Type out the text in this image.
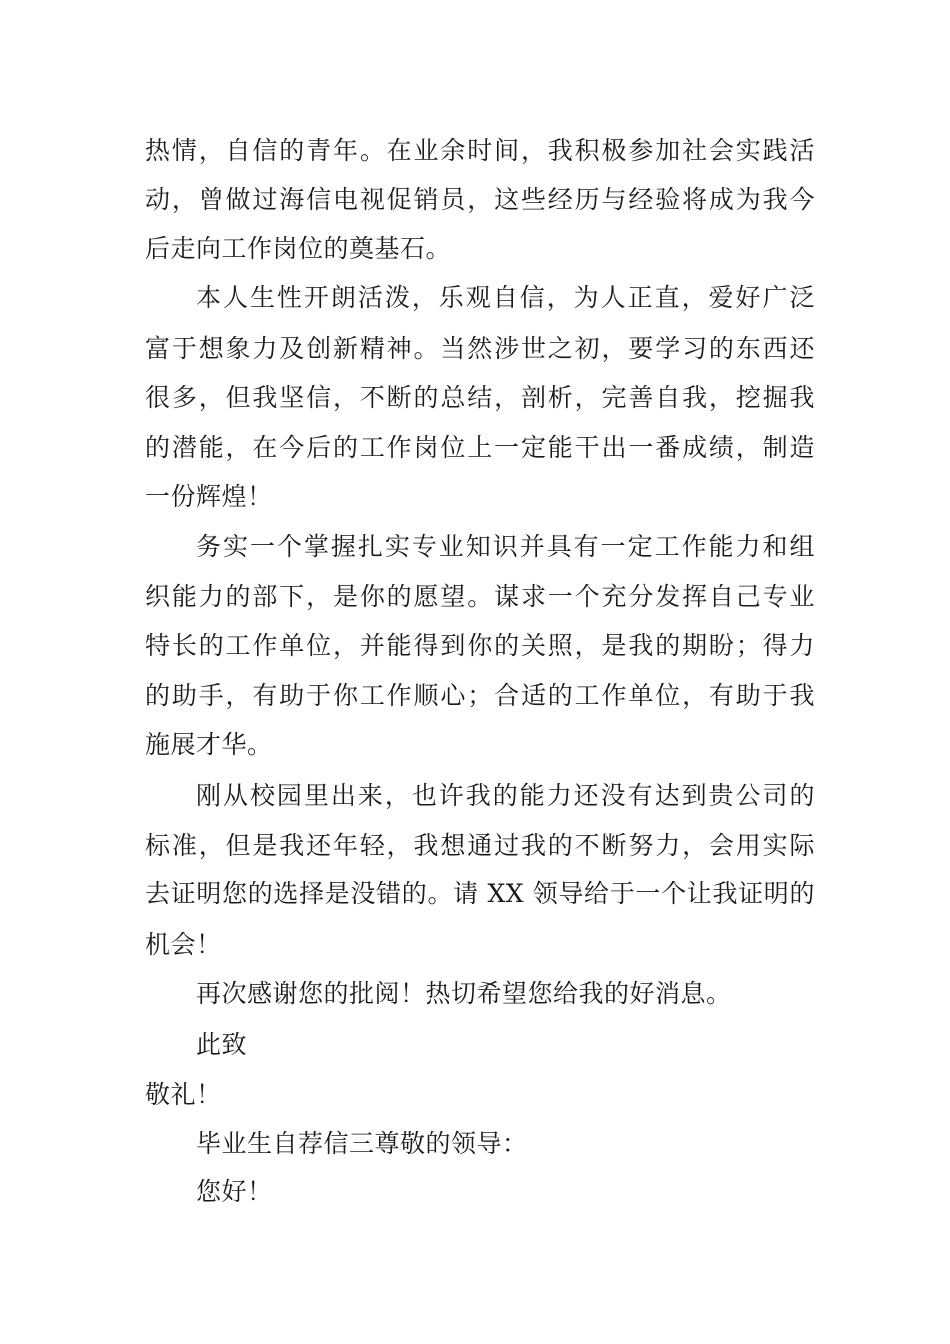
热情，自信的青年。在业余时间，我积极参加社会实践活
动，曾做过海信电视促销员，这些经历与经验将成为我今
后走向工作岗位的奠基石。
本人生性开朗活泼，乐观自信，为人正直，爱好广泛
富于想象力及创新精神。当然涉世之初，要学习的东西还
很多，但我坚信，不断的总结，剖析，完善自我，挖掘我
的潜能，在今后的工作岗位上一定能干出一番成绩，制造
一份辉煌！
务实一个掌握扎实专业知识并具有一定工作能力和组
织能力的部下，是你的愿望。谋求一个充分发挥自己专业
特长的工作单位，并能得到你的关照，是我的期盼；得力
的助手，有助于你工作顺心；合适的工作单位，有助于我
施展才华。
刚从校园里出来，也许我的能力还没有达到贵公司的
标准，但是我还年轻，我想通过我的不断努力，会用实际
去证明您的选择是没错的。请 XX 领导给于一个让我证明的
机会！
再次感谢您的批阅！热切希望您给我的好消息。
此致
敬礼！
毕业生自荐信三尊敬的领导：
您好！
